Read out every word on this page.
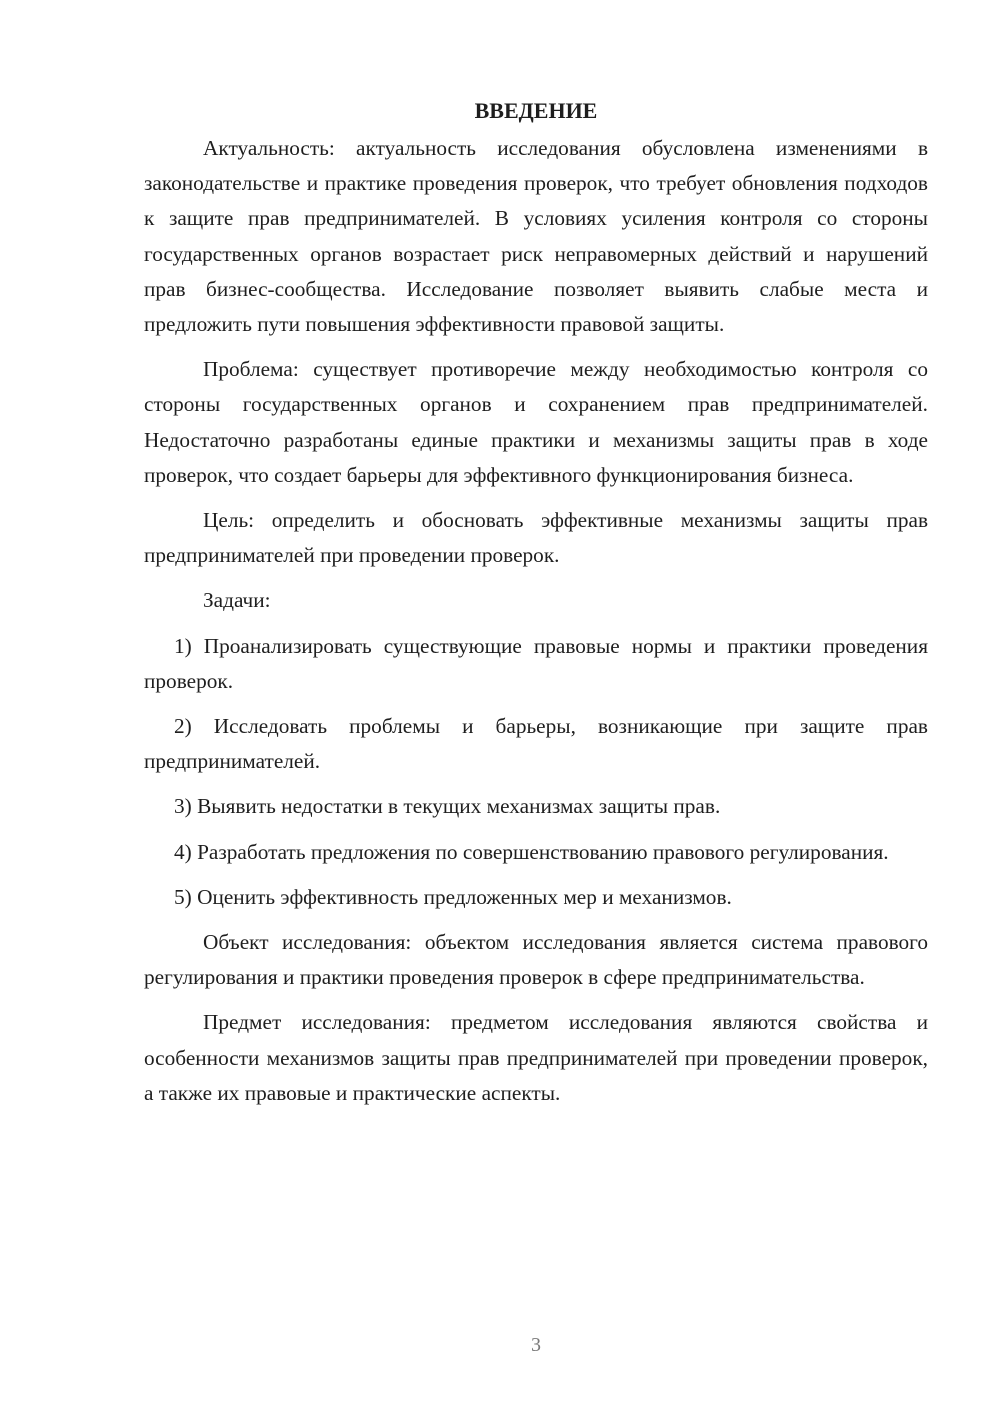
ВВЕДЕНИЕ

Актуальность: актуальность исследования обусловлена изменениями в законодательстве и практике проведения проверок, что требует обновления подходов к защите прав предпринимателей. В условиях усиления контроля со стороны государственных органов возрастает риск неправомерных действий и нарушений прав бизнес-сообщества. Исследование позволяет выявить слабые места и предложить пути повышения эффективности правовой защиты.

Проблема: существует противоречие между необходимостью контроля со стороны государственных органов и сохранением прав предпринимателей. Недостаточно разработаны единые практики и механизмы защиты прав в ходе проверок, что создает барьеры для эффективного функционирования бизнеса.

Цель: определить и обосновать эффективные механизмы защиты прав предпринимателей при проведении проверок.

Задачи:

1) Проанализировать существующие правовые нормы и практики проведения проверок.

2) Исследовать проблемы и барьеры, возникающие при защите прав предпринимателей.

3) Выявить недостатки в текущих механизмах защиты прав.

4) Разработать предложения по совершенствованию правового регулирования.

5) Оценить эффективность предложенных мер и механизмов.

Объект исследования: объектом исследования является система правового регулирования и практики проведения проверок в сфере предпринимательства.

Предмет исследования: предметом исследования являются свойства и особенности механизмов защиты прав предпринимателей при проведении проверок, а также их правовые и практические аспекты.

3
